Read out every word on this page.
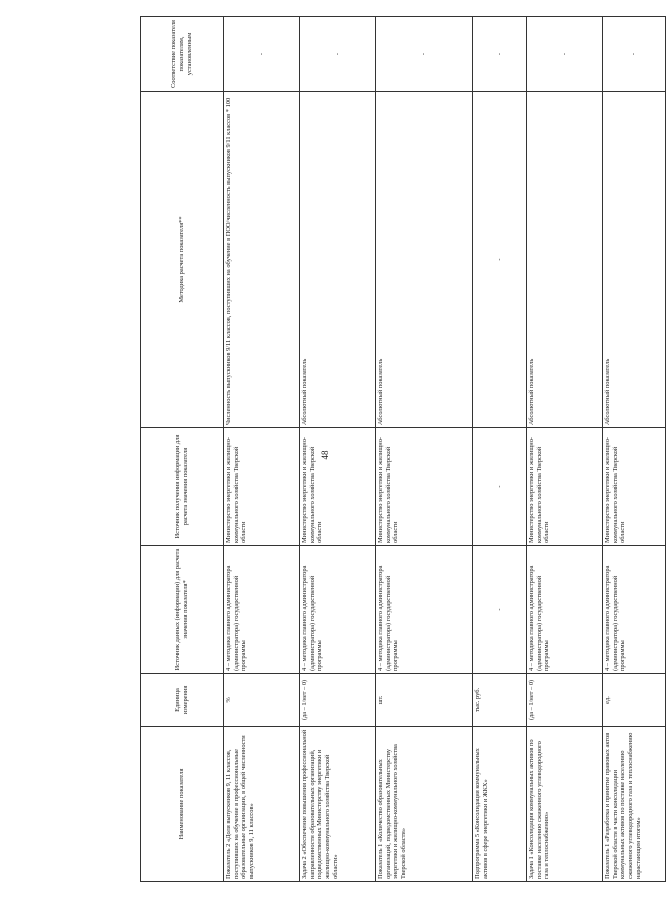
48
Наименование показателя	Единица измерения	Источник данных (информации) для расчета значения показателя*	Источник получения информации для расчета значения показателя	Методика расчета показателя**	Соответствие показателя показателям, установленным
Показатель 2 «Доля выпускников 9, 11 классов, поступивших на обучение в профессиональные образовательные организации, в общей численности выпускников 9, 11 классов»	%	4 – методика главного администратора (администратора) государственной программы	Министерство энергетики и жилищно-коммунального хозяйства Тверской области	Численность выпускников 9/11 классов, поступивших на обучение в ПОО/численность выпускников 9/11 классов * 100	-
Задача 2 «Обеспечение повышения профессиональной направленности образовательных организаций, подведомственных Министерству энергетики и жилищно-коммунального хозяйства Тверской области»	(да – 1/нет – 0)	4 – методика главного администратора (администратора) государственной программы	Министерство энергетики и жилищно-коммунального хозяйства Тверской области	Абсолютный показатель	-
Показатель 1 «Количество образовательных организаций, подведомственных Министерству энергетики и жилищно-коммунального хозяйства Тверской области»	шт.	4 – методика главного администратора (администратора) государственной программы	Министерство энергетики и жилищно-коммунального хозяйства Тверской области	Абсолютный показатель	-
Подпрограмма 5 «Консолидация коммунальных активов в сфере энергетики и ЖКХ»	тыс. руб.	-	-	-	-
Задача 1 «Консолидация коммунальных активов по поставке населению сжиженного углеводородного газа и теплоснабжению»	(да – 1/нет – 0)	4 – методика главного администратора (администратора) государственной программы	Министерство энергетики и жилищно-коммунального хозяйства Тверской области	Абсолютный показатель	-
Показатель 1 «Разработка и принятие правовых актов Тверской области в части консолидации коммунальных активов по поставке населению сжиженного углеводородного газа и теплоснабжению нарастающим итогом»	ед.	4 – методика главного администратора (администратора) государственной программы	Министерство энергетики и жилищно-коммунального хозяйства Тверской области	Абсолютный показатель	-
